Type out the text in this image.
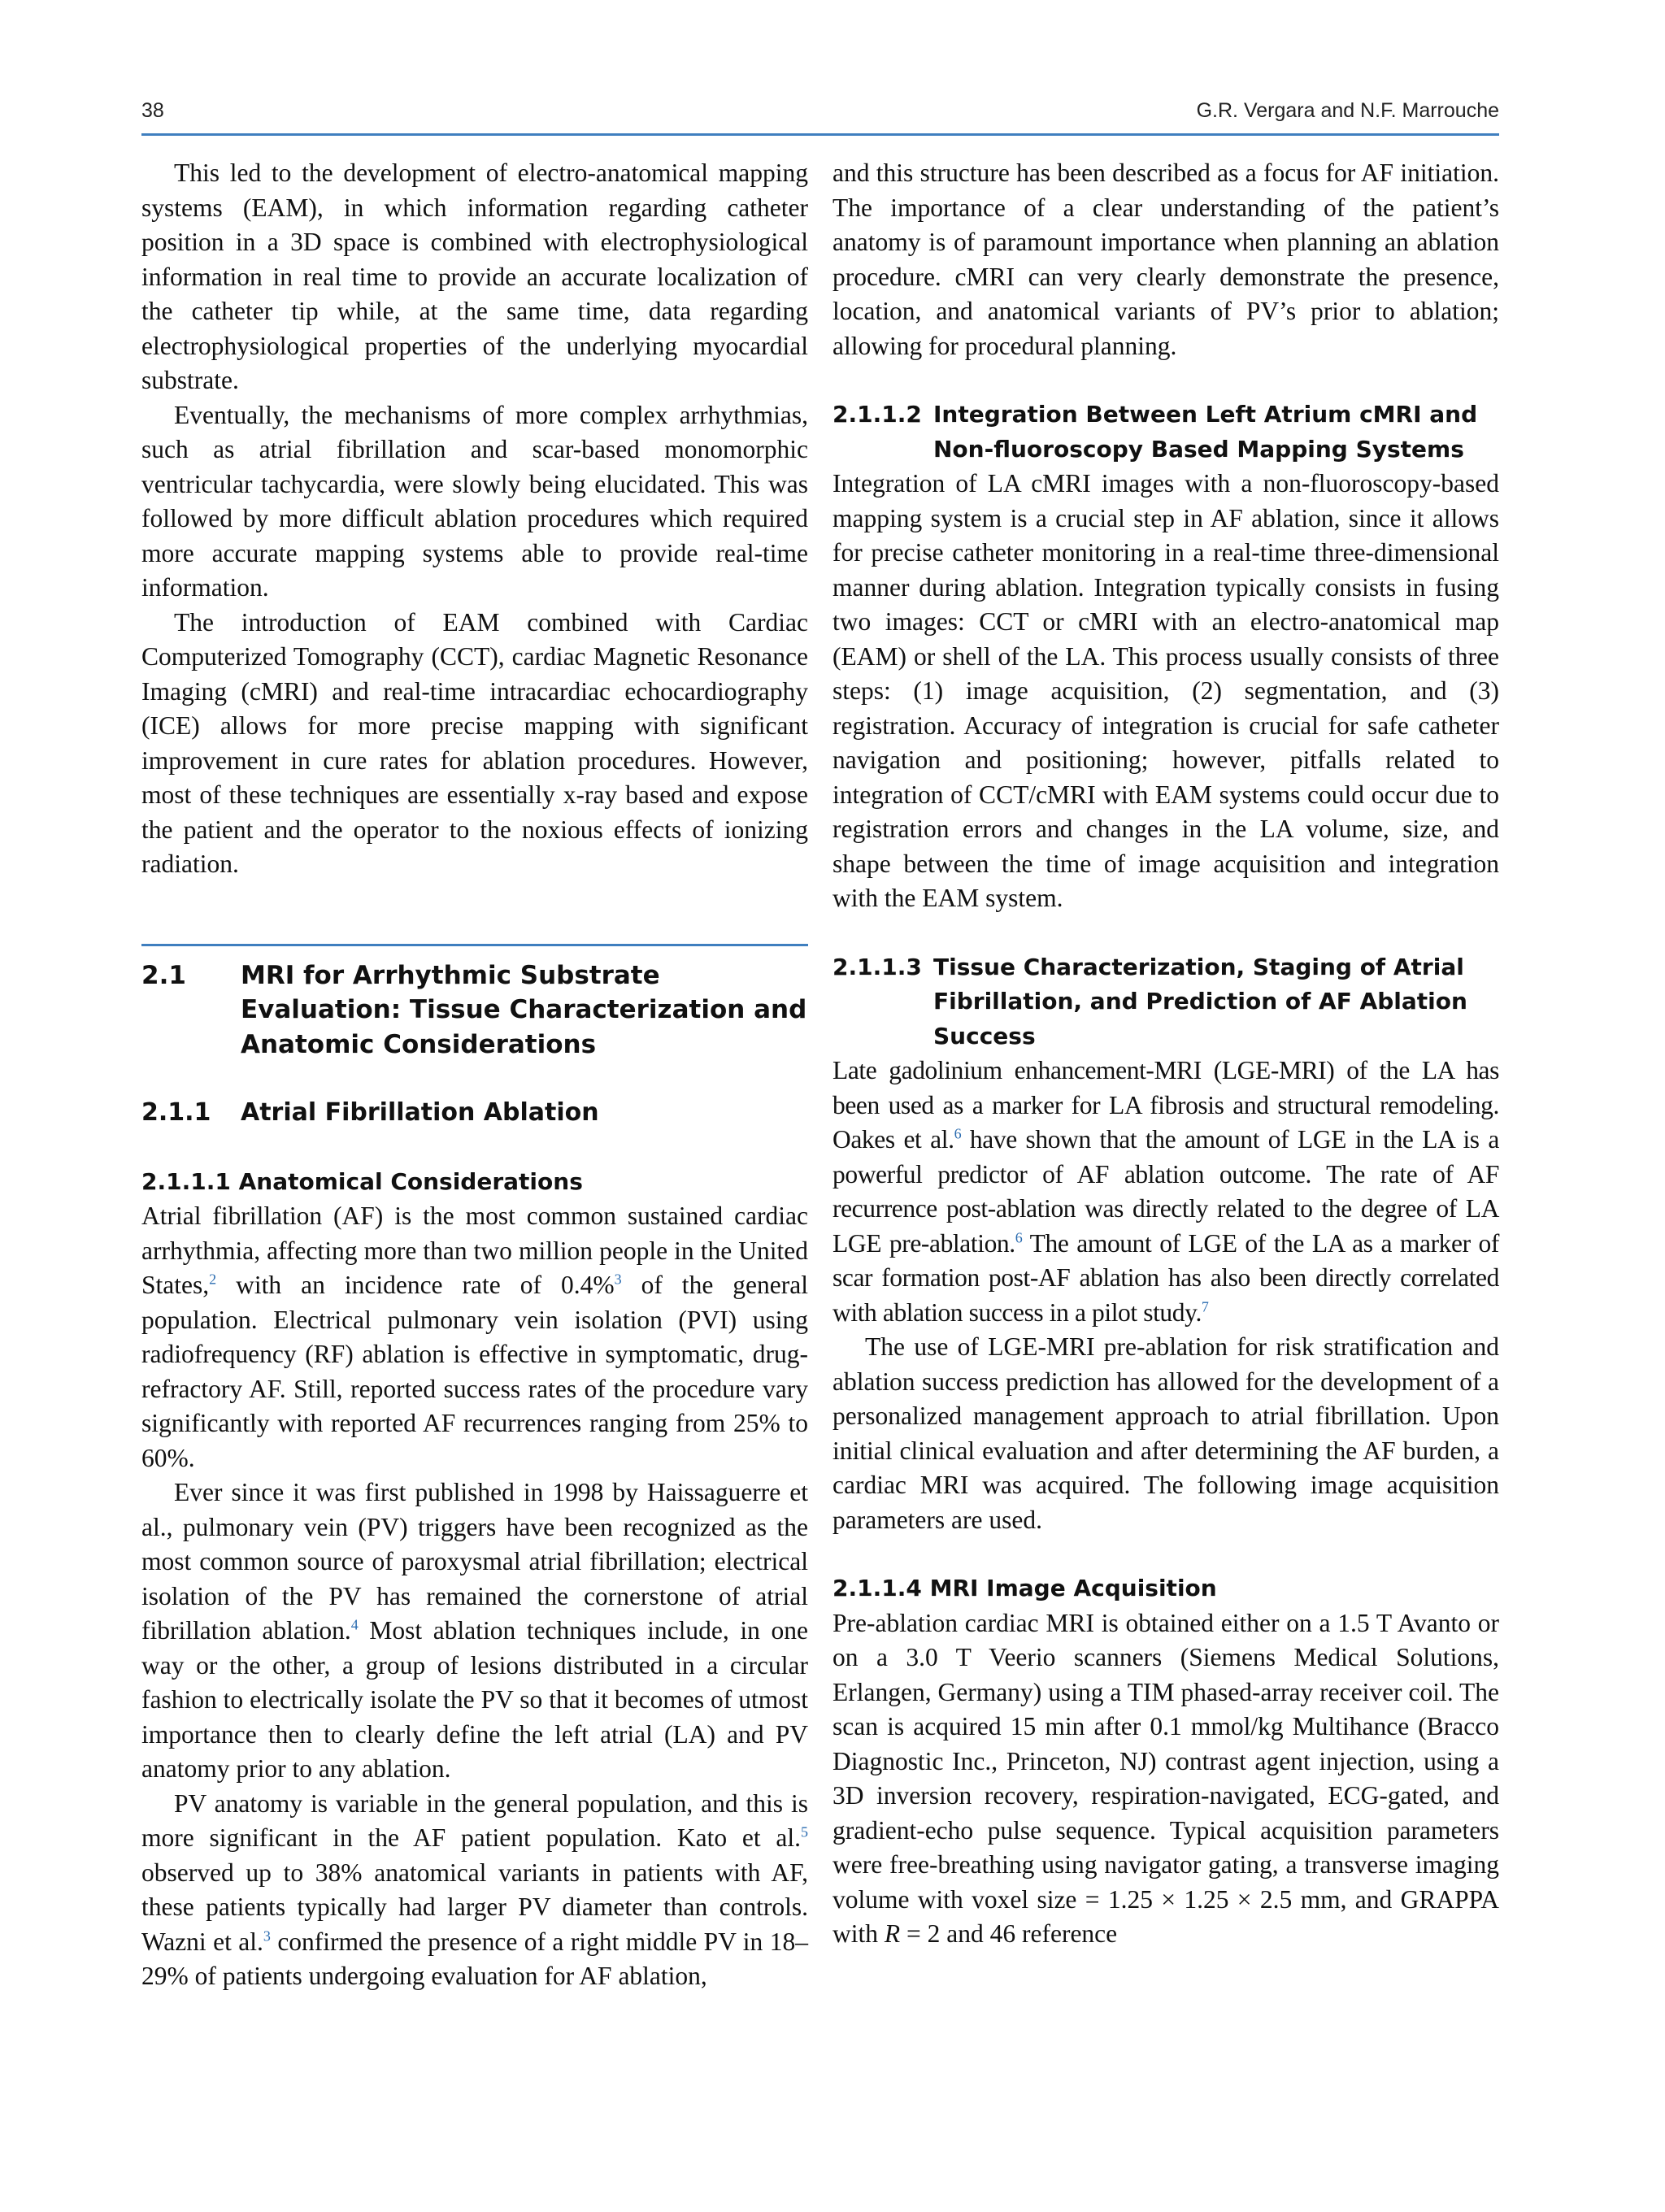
38	G.R. Vergara and N.F. Marrouche

This led to the development of electro-anatomical mapping systems (EAM), in which information regarding catheter position in a 3D space is combined with electrophysiological information in real time to provide an accurate localization of the catheter tip while, at the same time, data regarding electrophysiological properties of the underlying myocardial substrate.

Eventually, the mechanisms of more complex arrhythmias, such as atrial fibrillation and scar-based monomorphic ventricular tachycardia, were slowly being elucidated. This was followed by more difficult ablation procedures which required more accurate mapping systems able to provide real-time information.

The introduction of EAM combined with Cardiac Computerized Tomography (CCT), cardiac Magnetic Resonance Imaging (cMRI) and real-time intracardiac echocardiography (ICE) allows for more precise mapping with significant improvement in cure rates for ablation procedures. However, most of these techniques are essentially x-ray based and expose the patient and the operator to the noxious effects of ionizing radiation.

2.1 MRI for Arrhythmic Substrate Evaluation: Tissue Characterization and Anatomic Considerations
2.1.1 Atrial Fibrillation Ablation
2.1.1.1 Anatomical Considerations

Atrial fibrillation (AF) is the most common sustained cardiac arrhythmia, affecting more than two million people in the United States,$^2$ with an incidence rate of 0.4%$^3$ of the general population. Electrical pulmonary vein isolation (PVI) using radiofrequency (RF) ablation is effective in symptomatic, drug-refractory AF. Still, reported success rates of the procedure vary significantly with reported AF recurrences ranging from 25% to 60%.

Ever since it was first published in 1998 by Haissaguerre et al., pulmonary vein (PV) triggers have been recognized as the most common source of paroxysmal atrial fibrillation; electrical isolation of the PV has remained the cornerstone of atrial fibrillation ablation.$^4$ Most ablation techniques include, in one way or the other, a group of lesions distributed in a circular fashion to electrically isolate the PV so that it becomes of utmost importance then to clearly define the left atrial (LA) and PV anatomy prior to any ablation.

PV anatomy is variable in the general population, and this is more significant in the AF patient population. Kato et al.$^5$ observed up to 38% anatomical variants in patients with AF, these patients typically had larger PV diameter than controls. Wazni et al.$^3$ confirmed the presence of a right middle PV in 18–29% of patients undergoing evaluation for AF ablation,

and this structure has been described as a focus for AF initiation. The importance of a clear understanding of the patient’s anatomy is of paramount importance when planning an ablation procedure. cMRI can very clearly demonstrate the presence, location, and anatomical variants of PV’s prior to ablation; allowing for procedural planning.

2.1.1.2 Integration Between Left Atrium cMRI and Non-fluoroscopy Based Mapping Systems

Integration of LA cMRI images with a non-fluoroscopy-based mapping system is a crucial step in AF ablation, since it allows for precise catheter monitoring in a real-time three-dimensional manner during ablation. Integration typically consists in fusing two images: CCT or cMRI with an electro-anatomical map (EAM) or shell of the LA. This process usually consists of three steps: (1) image acquisition, (2) segmentation, and (3) registration. Accuracy of integration is crucial for safe catheter navigation and positioning; however, pitfalls related to integration of CCT/cMRI with EAM systems could occur due to registration errors and changes in the LA volume, size, and shape between the time of image acquisition and integration with the EAM system.

2.1.1.3 Tissue Characterization, Staging of Atrial Fibrillation, and Prediction of AF Ablation Success

Late gadolinium enhancement-MRI (LGE-MRI) of the LA has been used as a marker for LA fibrosis and structural remodeling. Oakes et al.$^6$ have shown that the amount of LGE in the LA is a powerful predictor of AF ablation outcome. The rate of AF recurrence post-ablation was directly related to the degree of LA LGE pre-ablation.$^6$ The amount of LGE of the LA as a marker of scar formation post-AF ablation has also been directly correlated with ablation success in a pilot study.$^7$

The use of LGE-MRI pre-ablation for risk stratification and ablation success prediction has allowed for the development of a personalized management approach to atrial fibrillation. Upon initial clinical evaluation and after determining the AF burden, a cardiac MRI was acquired. The following image acquisition parameters are used.

2.1.1.4 MRI Image Acquisition

Pre-ablation cardiac MRI is obtained either on a 1.5 T Avanto or on a 3.0 T Veerio scanners (Siemens Medical Solutions, Erlangen, Germany) using a TIM phased-array receiver coil. The scan is acquired 15 min after 0.1 mmol/kg Multihance (Bracco Diagnostic Inc., Princeton, NJ) contrast agent injection, using a 3D inversion recovery, respiration-navigated, ECG-gated, and gradient-echo pulse sequence. Typical acquisition parameters were free-breathing using navigator gating, a transverse imaging volume with voxel size = 1.25 × 1.25 × 2.5 mm, and GRAPPA with R = 2 and 46 reference
